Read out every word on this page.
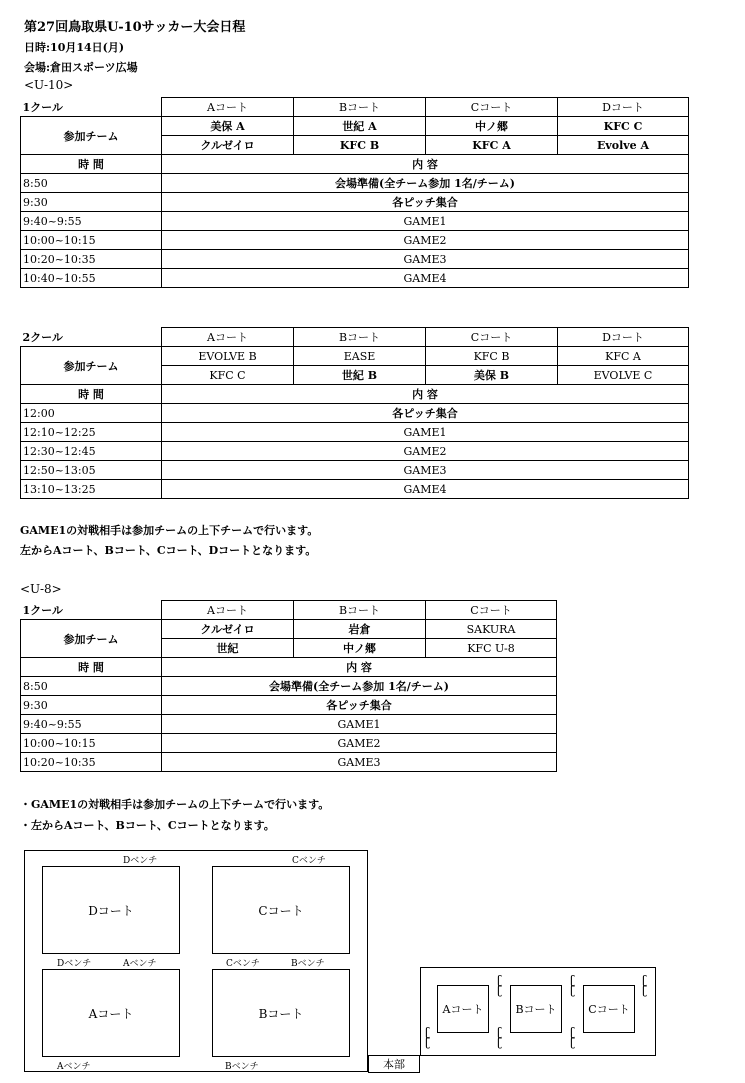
第27回鳥取県U-10サッカー大会日程
日時:10月14日(月)
会場:倉田スポーツ広場
<U-10>
1クール	Aコート	Bコート	Cコート	Dコート
参加チーム	美保 A	世紀 A	中ノ郷	KFC C
	クルゼイロ	KFC B	KFC A	Evolve A
時 間	内 容			
8:50	会場準備(全チーム参加 1名/チーム)			
9:30	各ピッチ集合			
9:40~9:55	GAME1			
10:00~10:15	GAME2			
10:20~10:35	GAME3			
10:40~10:55	GAME4			
2クール	Aコート	Bコート	Cコート	Dコート
参加チーム	EVOLVE B	EASE	KFC B	KFC A
	KFC C	世紀 B	美保 B	EVOLVE C
時 間	内 容			
12:00	各ピッチ集合			
12:10~12:25	GAME1			
12:30~12:45	GAME2			
12:50~13:05	GAME3			
13:10~13:25	GAME4			
GAME1の対戦相手は参加チームの上下チームで行います。
左からAコート、Bコート、Cコート、Dコートとなります。
<U-8>
1クール	Aコート	Bコート	Cコート
参加チーム	クルゼイロ	岩倉	SAKURA
	世紀	中ノ郷	KFC U-8
時 間	内 容		
8:50	会場準備(全チーム参加 1名/チーム)		
9:30	各ピッチ集合		
9:40~9:55	GAME1		
10:00~10:15	GAME2		
10:20~10:35	GAME3		
・GAME1の対戦相手は参加チームの上下チームで行います。
・左からAコート、Bコート、Cコートとなります。
Dベンチ	Cベンチ
Dコート	Cコート
Dベンチ	Aベンチ	Cベンチ	Bベンチ
Aコート	Bコート
Aベンチ	Bベンチ	本部
Aコート	Bコート	Cコート
ʗ
ʗ
ʗ
ʗ
ʗ
ʗ
ʗ
ʗ
ʗ
ʗ
ʗ
ʗ
